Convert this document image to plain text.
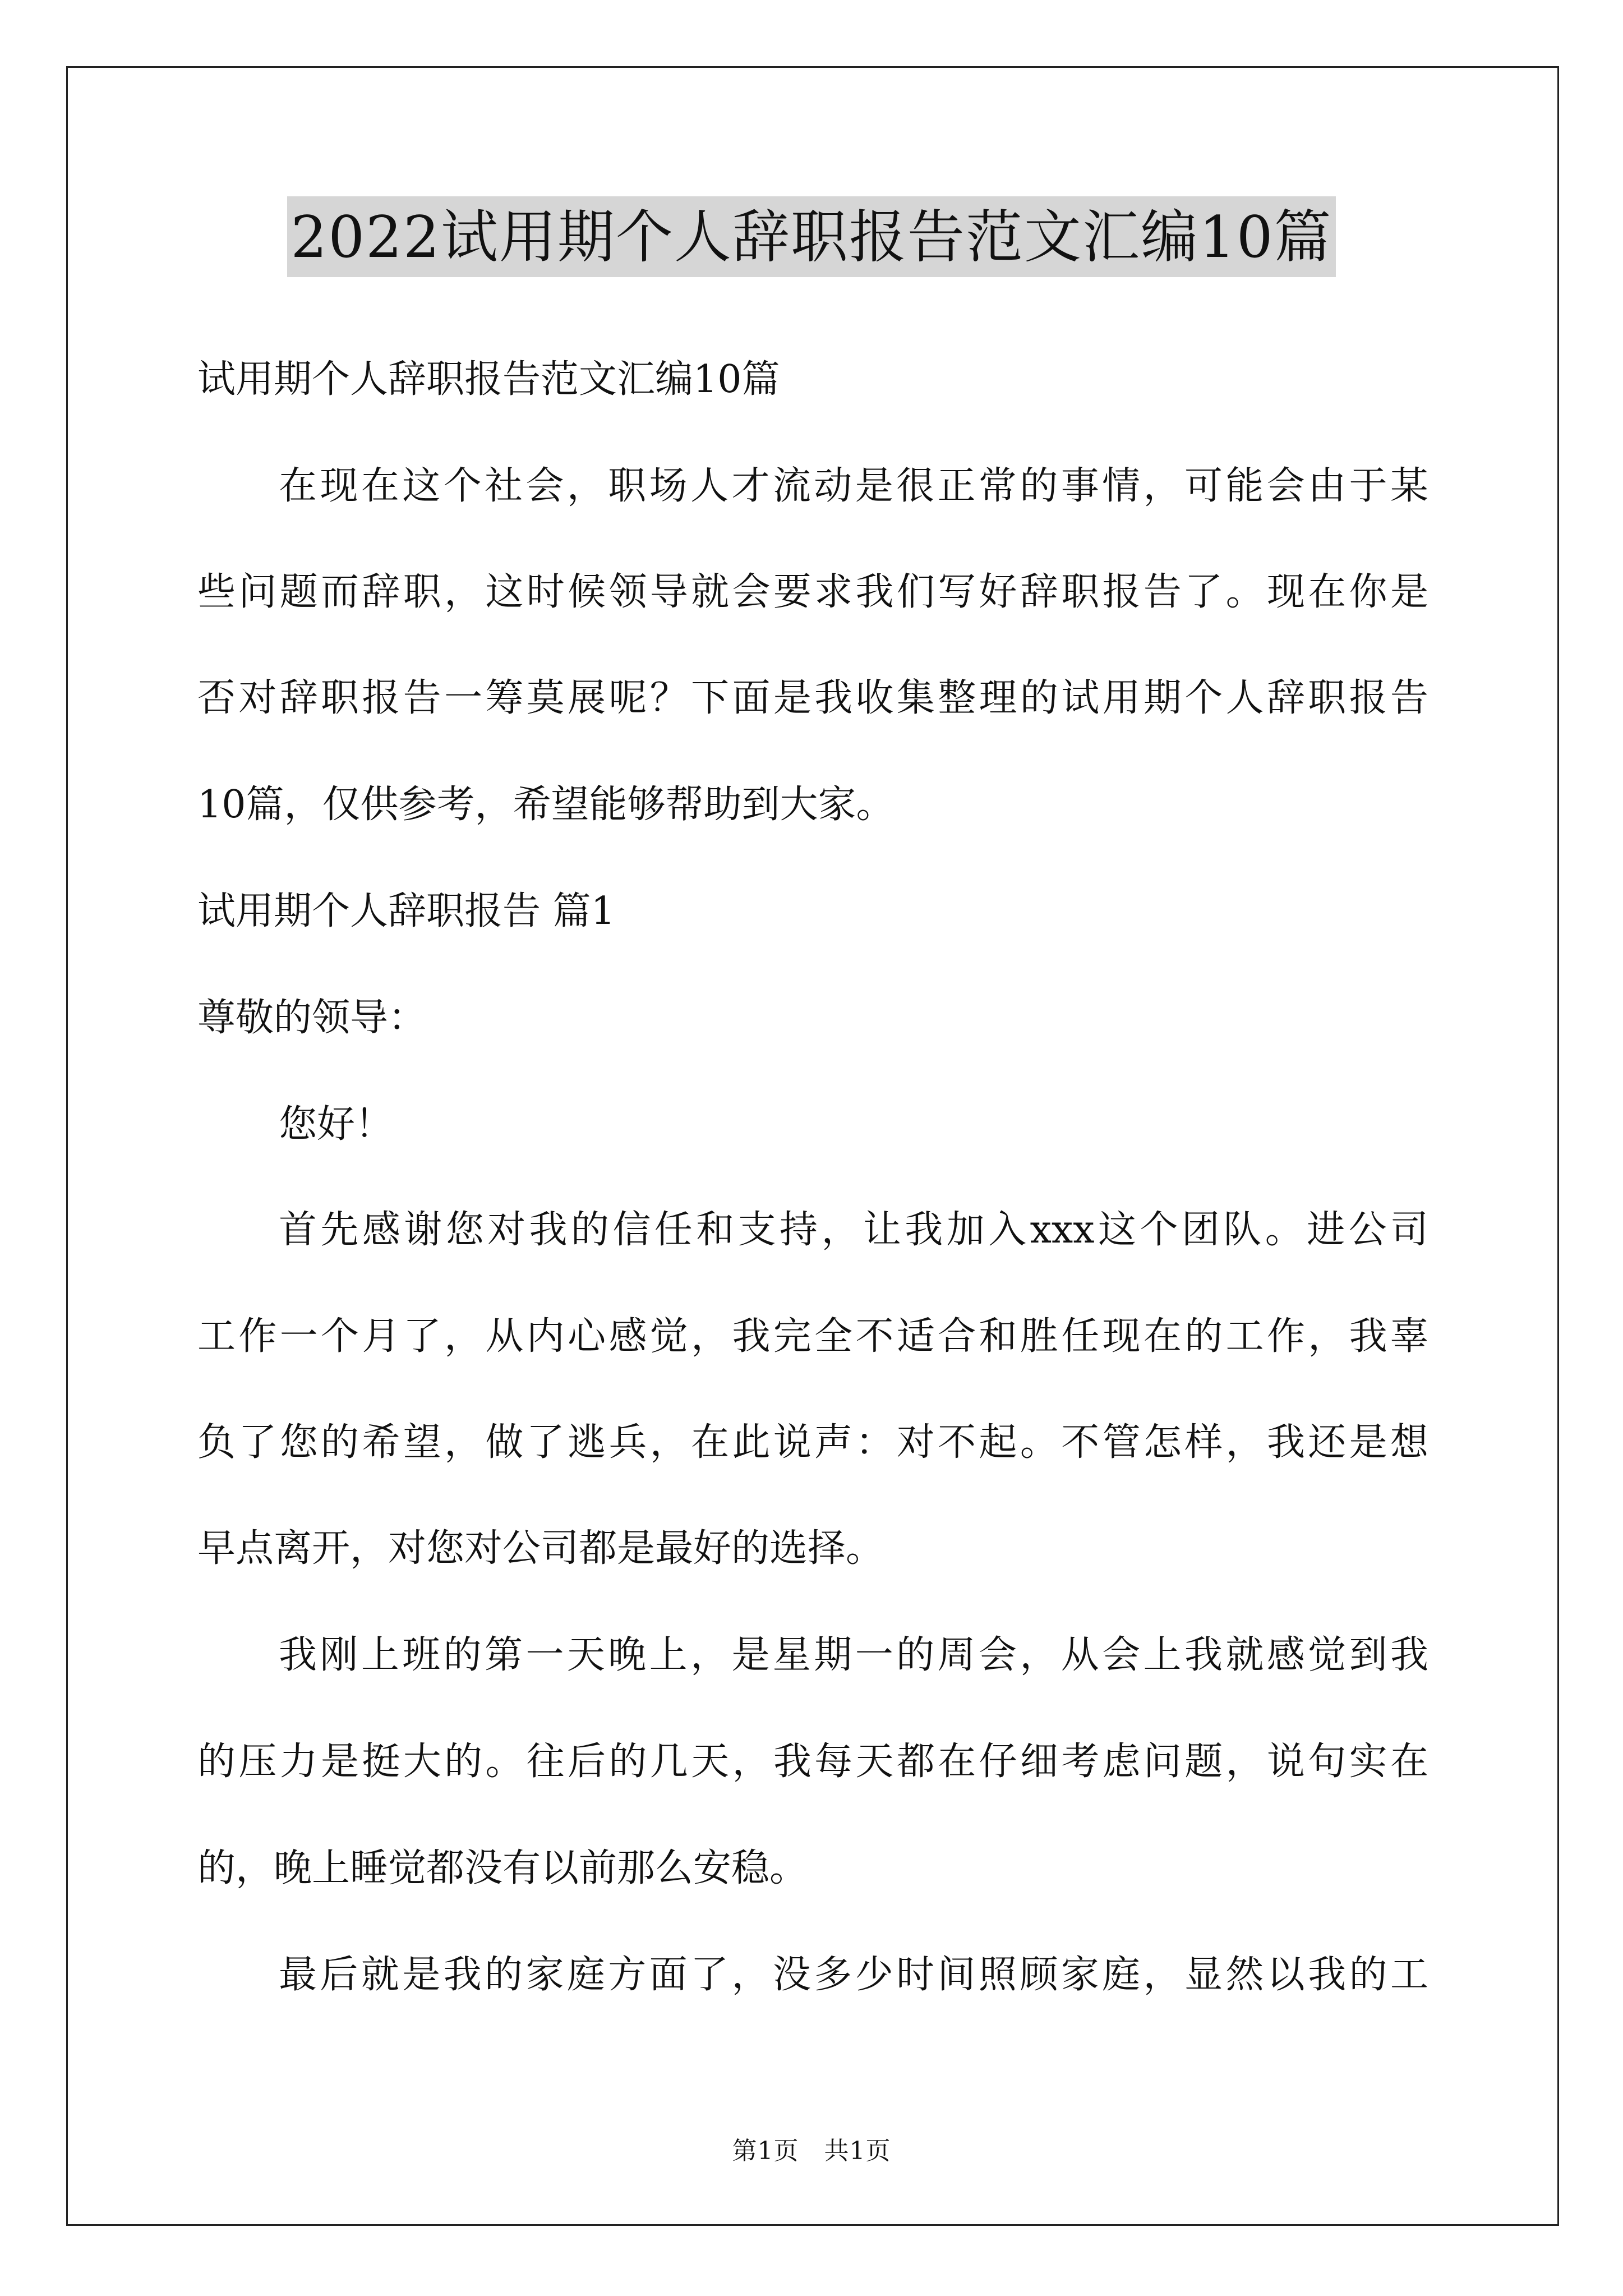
2022试用期个人辞职报告范文汇编10篇
试用期个人辞职报告范文汇编10篇
在现在这个社会，职场人才流动是很正常的事情，可能会由于某
些问题而辞职，这时候领导就会要求我们写好辞职报告了。现在你是
否对辞职报告一筹莫展呢？下面是我收集整理的试用期个人辞职报告
10篇，仅供参考，希望能够帮助到大家。
试用期个人辞职报告 篇1
尊敬的领导：
您好！
首先感谢您对我的信任和支持，让我加入xxx这个团队。进公司
工作一个月了，从内心感觉，我完全不适合和胜任现在的工作，我辜
负了您的希望，做了逃兵，在此说声：对不起。不管怎样，我还是想
早点离开，对您对公司都是最好的选择。
我刚上班的第一天晚上，是星期一的周会，从会上我就感觉到我
的压力是挺大的。往后的几天，我每天都在仔细考虑问题，说句实在
的，晚上睡觉都没有以前那么安稳。
最后就是我的家庭方面了，没多少时间照顾家庭，显然以我的工
第1页　共1页
